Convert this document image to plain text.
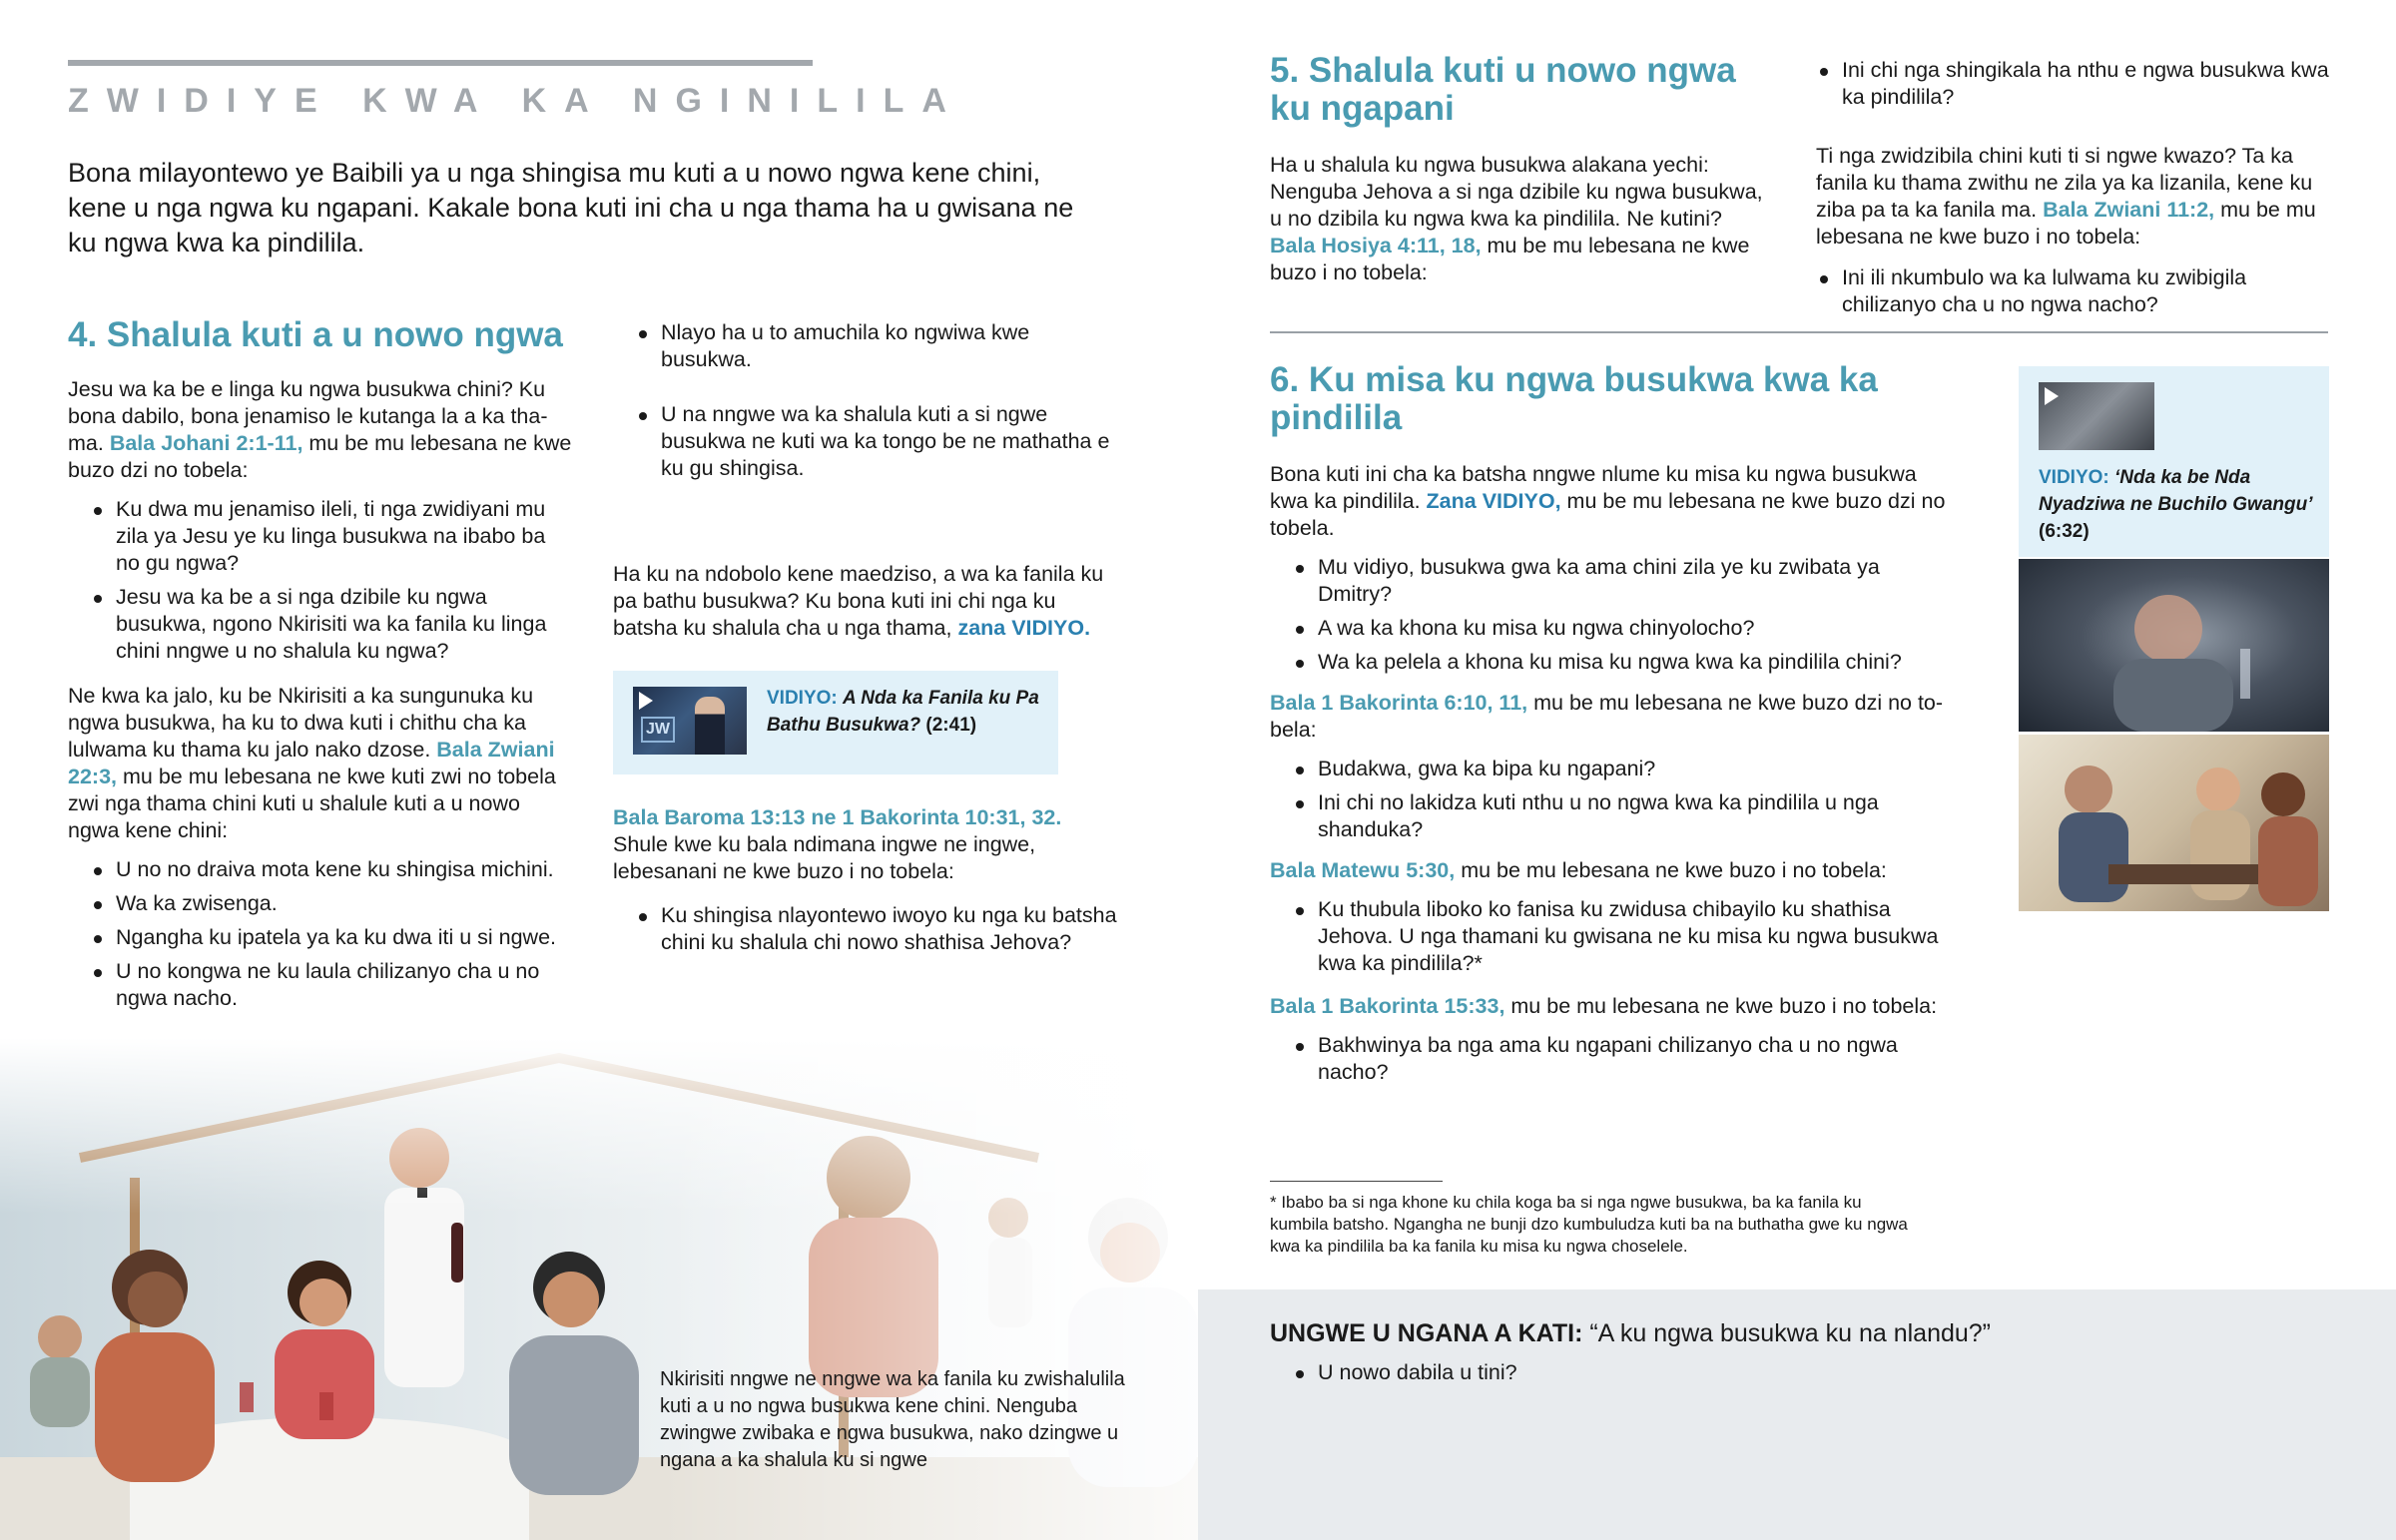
ZWIDIYE KWA KA NGINILILA

Bona milayontewo ye Baibili ya u nga shingisa mu kuti a u nowo ngwa kene chini, kene u nga ngwa ku ngapani. Kakale bona kuti ini cha u nga thama ha u gwisana ne ku ngwa kwa ka pindilila.

4. Shalula kuti a u nowo ngwa

Jesu wa ka be e linga ku ngwa busukwa chini? Ku bona dabilo, bona jenamiso le kutanga la a ka thama. Bala Johani 2:1-11, mu be mu lebesana ne kwe buzo dzi no tobela:

Ku dwa mu jenamiso ileli, ti nga zwidiyani mu zila ya Jesu ye ku linga busukwa na ibabo ba no gu ngwa?
Jesu wa ka be a si nga dzibile ku ngwa busukwa, ngono Nkirisiti wa ka fanila ku linga chini nngwe u no shalula ku ngwa?

Ne kwa ka jalo, ku be Nkirisiti a ka sungunuka ku ngwa busukwa, ha ku to dwa kuti i chithu cha ka lulwama ku thama ku jalo nako dzose. Bala Zwiani 22:3, mu be mu lebesana ne kwe kuti zwi no tobela zwi nga thama chini kuti u shalule kuti a u nowo ngwa kene chini:

U no no draiva mota kene ku shingisa michini.
Wa ka zwisenga.
Ngangha ku ipatela ya ka ku dwa iti u si ngwe.
U no kongwa ne ku laula chilizanyo cha u no ngwa nacho.
Nlayo ha u to amuchila ko ngwiwa kwe busukwa.
U na nngwe wa ka shalula kuti a si ngwe busukwa ne kuti wa ka tongo be ne mathatha e ku gu shingisa.

Ha ku na ndobolo kene maedziso, a wa ka fanila ku pa bathu busukwa? Ku bona kuti ini chi nga ku batsha ku shalula cha u nga thama, zana VIDIYO.

JW
VIDIYO: A Nda ka Fanila ku Pa Bathu Busukwa? (2:41)

Bala Baroma 13:13 ne 1 Bakorinta 10:31, 32. Shule kwe ku bala ndimana ingwe ne ingwe, lebesanani ne kwe buzo i no tobela:

Ku shingisa nlayontewo iwoyo ku nga ku batsha chini ku shalula chi nowo shathisa Jehova?

Nkirisiti nngwe ne nngwe wa ka fanila ku zwishalulila kuti a u no ngwa busukwa kene chini. Nenguba zwingwe zwibaka e ngwa busukwa, nako dzingwe u ngana a ka shalula ku si ngwe

5. Shalula kuti u nowo ngwa ku ngapani

Ha u shalula ku ngwa busukwa alakana yechi: Nenguba Jehova a si nga dzibile ku ngwa busukwa, u no dzibila ku ngwa kwa ka pindilila. Ne kutini? Bala Hosiya 4:11, 18, mu be mu lebesana ne kwe buzo i no tobela:

Ini chi nga shingikala ha nthu e ngwa busukwa kwa ka pindilila?

Ti nga zwidzibila chini kuti ti si ngwe kwazo? Ta ka fanila ku thama zwithu ne zila ya ka lizanila, kene ku ziba pa ta ka fanila ma. Bala Zwiani 11:2, mu be mu lebesana ne kwe buzo i no tobela:

Ini ili nkumbulo wa ka lulwama ku zwibigila chilizanyo cha u no ngwa nacho?
6. Ku misa ku ngwa busukwa kwa ka pindilila

Bona kuti ini cha ka batsha nngwe nlume ku misa ku ngwa busukwa kwa ka pindilila. Zana VIDIYO, mu be mu lebesana ne kwe buzo dzi no tobela.

Mu vidiyo, busukwa gwa ka ama chini zila ye ku zwibata ya Dmitry?
A wa ka khona ku misa ku ngwa chinyolocho?
Wa ka pelela a khona ku misa ku ngwa kwa ka pindilila chini?

Bala 1 Bakorinta 6:10, 11, mu be mu lebesana ne kwe buzo dzi no tobela:

Budakwa, gwa ka bipa ku ngapani?
Ini chi no lakidza kuti nthu u no ngwa kwa ka pindilila u nga shanduka?

Bala Matewu 5:30, mu be mu lebesana ne kwe buzo i no tobela:

Ku thubula liboko ko fanisa ku zwidusa chibayilo ku shathisa Jehova. U nga thamani ku gwisana ne ku misa ku ngwa busukwa kwa ka pindilila?*

Bala 1 Bakorinta 15:33, mu be mu lebesana ne kwe buzo i no tobela:

Bakhwinya ba nga ama ku ngapani chilizanyo cha u no ngwa nacho?

* Ibabo ba si nga khone ku chila koga ba si nga ngwe busukwa, ba ka fanila ku kumbila batsho. Ngangha ne bunji dzo kumbuludza kuti ba na buthatha gwe ku ngwa kwa ka pindilila ba ka fanila ku misa ku ngwa choselele.

VIDIYO: ‘Nda ka be Nda Nyadziwa ne Buchilo Gwangu’ (6:32)
UNGWE U NGANA A KATI: “A ku ngwa busukwa ku na nlandu?”
U nowo dabila u tini?
